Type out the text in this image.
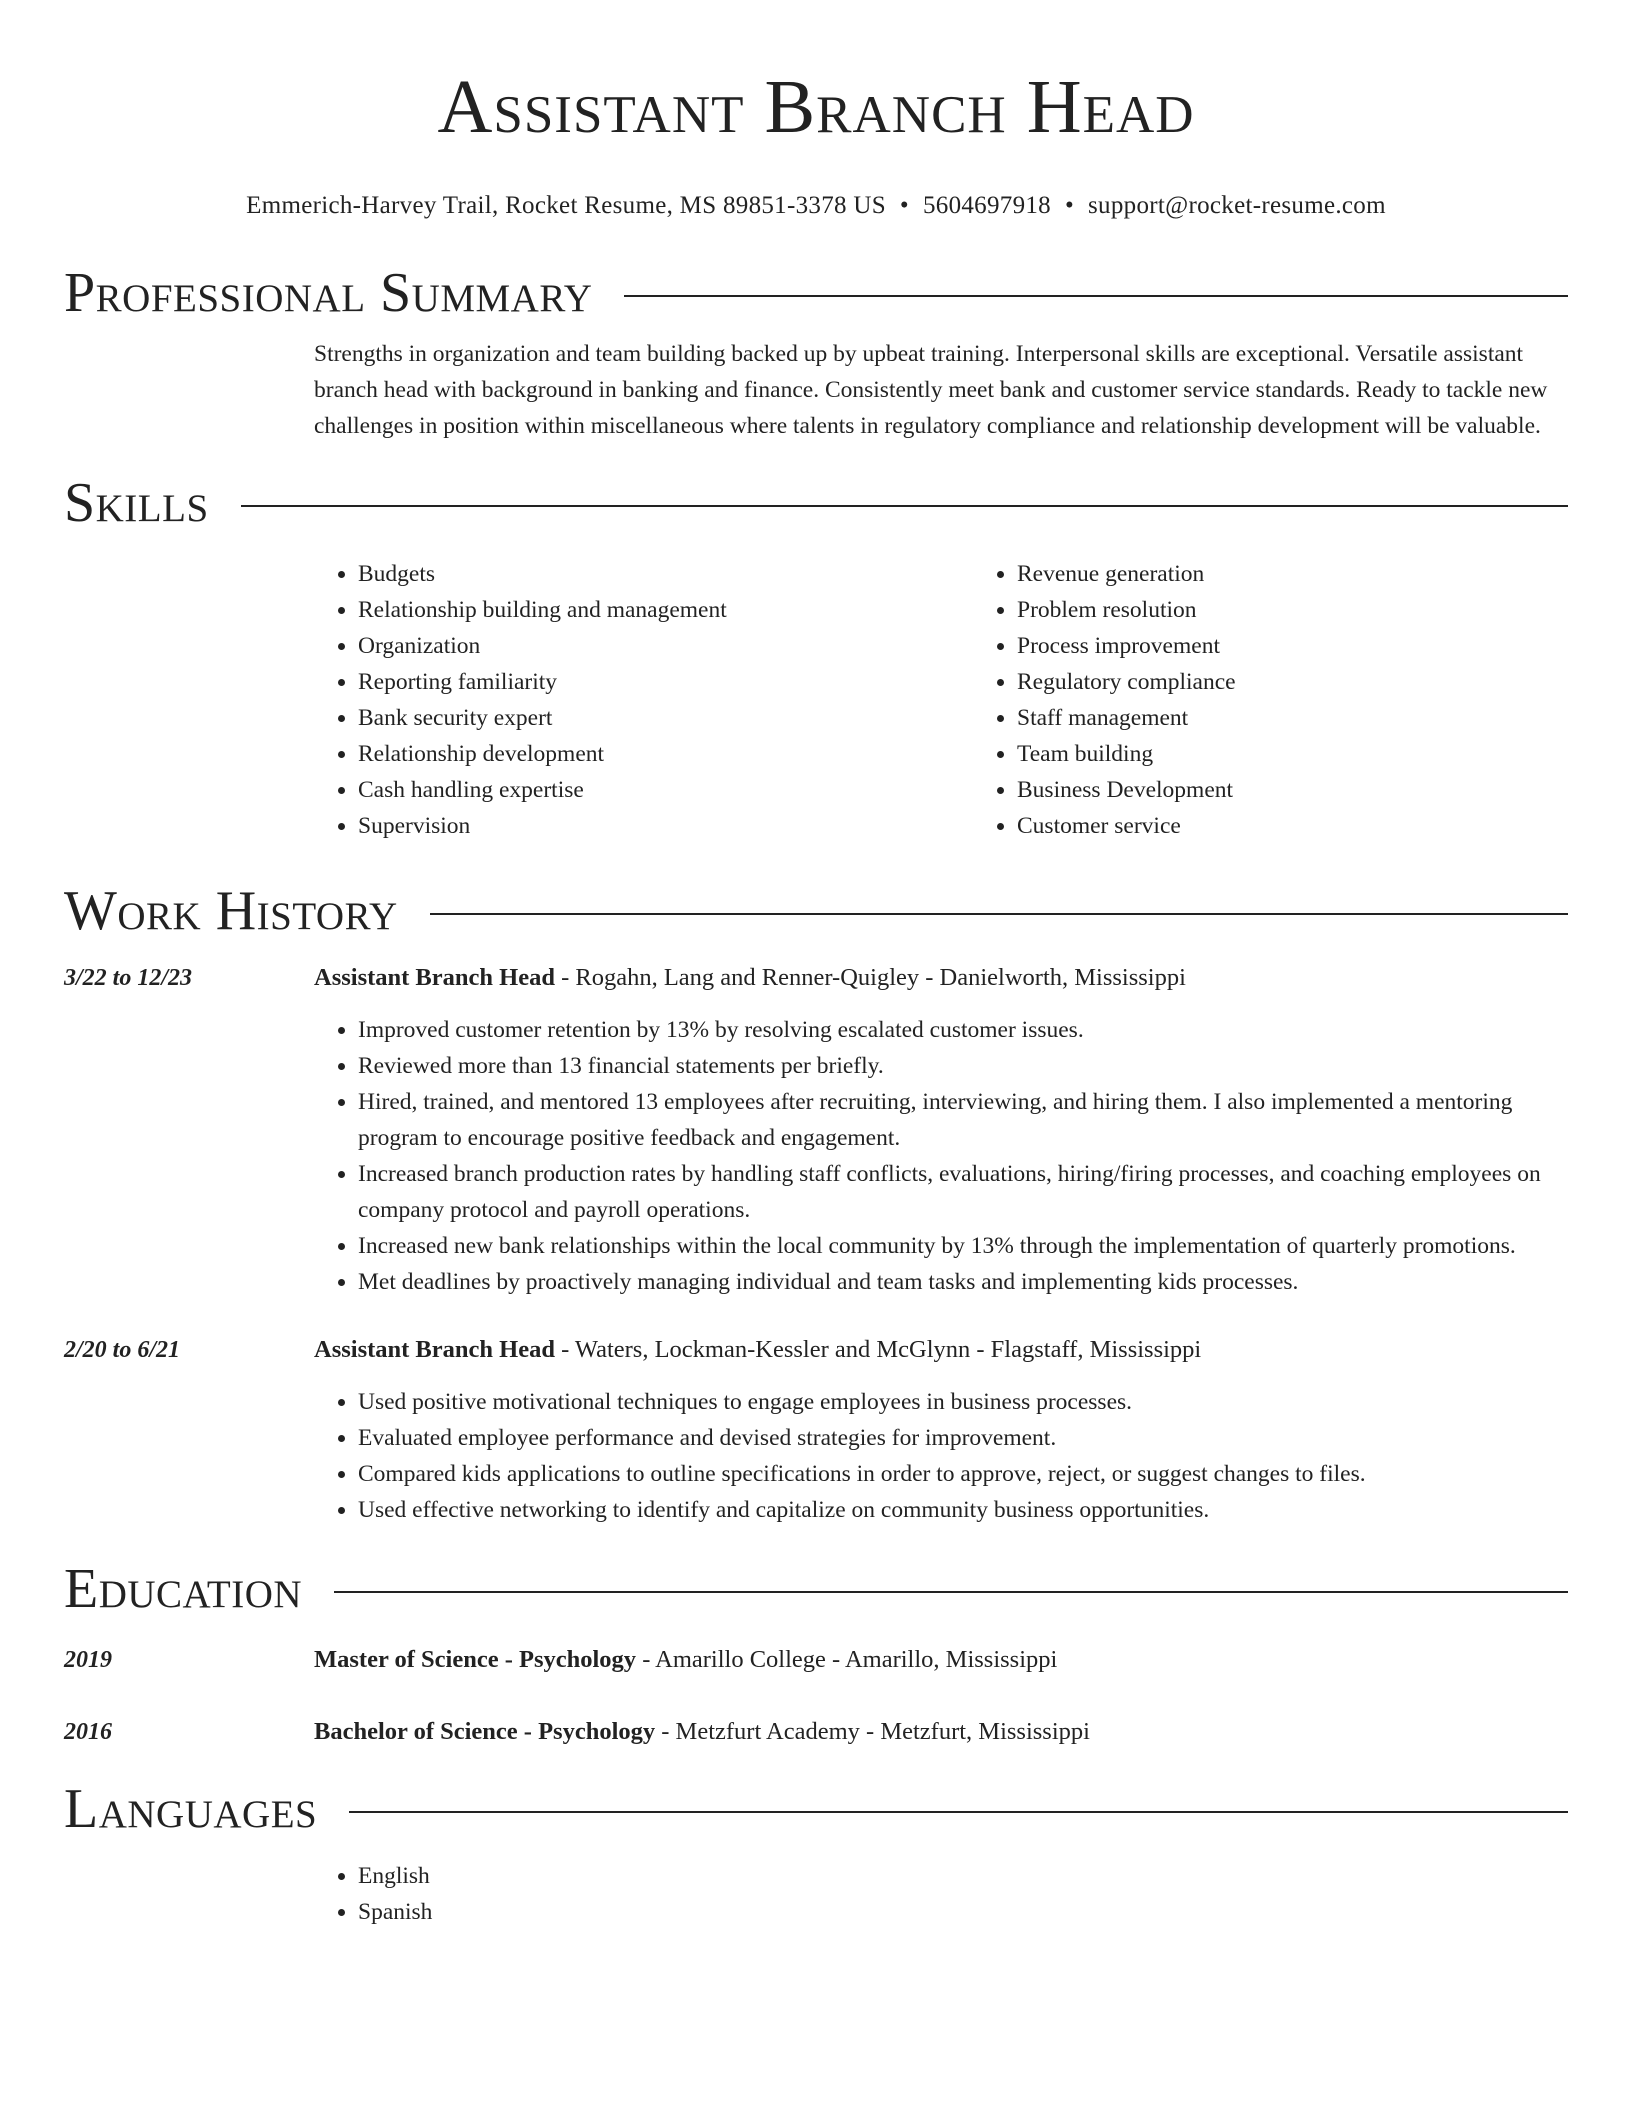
Assistant Branch Head
Emmerich-Harvey Trail, Rocket Resume, MS 89851-3378 US • 5604697918 • support@rocket-resume.com
Professional Summary
Strengths in organization and team building backed up by upbeat training. Interpersonal skills are exceptional. Versatile assistant branch head with background in banking and finance. Consistently meet bank and customer service standards. Ready to tackle new challenges in position within miscellaneous where talents in regulatory compliance and relationship development will be valuable.
Skills
• Budgets
• Relationship building and management
• Organization
• Reporting familiarity
• Bank security expert
• Relationship development
• Cash handling expertise
• Supervision
• Revenue generation
• Problem resolution
• Process improvement
• Regulatory compliance
• Staff management
• Team building
• Business Development
• Customer service
Work History
3/22 to 12/23	Assistant Branch Head - Rogahn, Lang and Renner-Quigley - Danielworth, Mississippi
• Improved customer retention by 13% by resolving escalated customer issues.
• Reviewed more than 13 financial statements per briefly.
• Hired, trained, and mentored 13 employees after recruiting, interviewing, and hiring them. I also implemented a mentoring program to encourage positive feedback and engagement.
• Increased branch production rates by handling staff conflicts, evaluations, hiring/firing processes, and coaching employees on company protocol and payroll operations.
• Increased new bank relationships within the local community by 13% through the implementation of quarterly promotions.
• Met deadlines by proactively managing individual and team tasks and implementing kids processes.
2/20 to 6/21	Assistant Branch Head - Waters, Lockman-Kessler and McGlynn - Flagstaff, Mississippi
• Used positive motivational techniques to engage employees in business processes.
• Evaluated employee performance and devised strategies for improvement.
• Compared kids applications to outline specifications in order to approve, reject, or suggest changes to files.
• Used effective networking to identify and capitalize on community business opportunities.
Education
2019	Master of Science - Psychology - Amarillo College - Amarillo, Mississippi
2016	Bachelor of Science - Psychology - Metzfurt Academy - Metzfurt, Mississippi
Languages
• English
• Spanish
